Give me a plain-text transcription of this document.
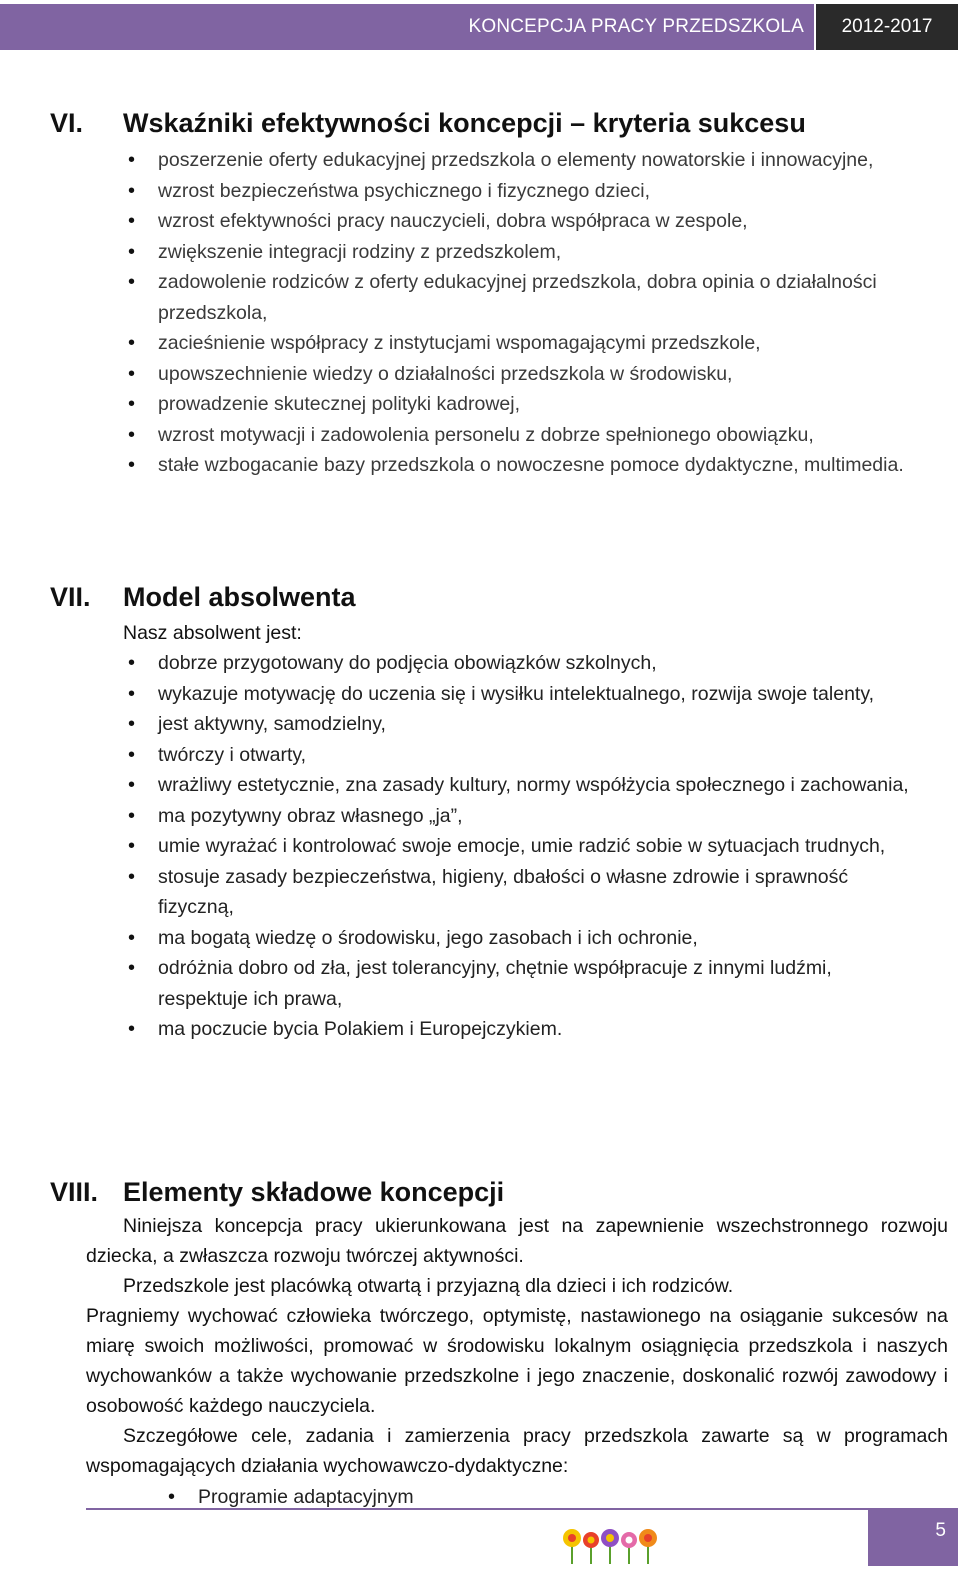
KONCEPCJA PRACY PRZEDSZKOLA	2012-2017
VI. Wskaźniki efektywności koncepcji – kryteria sukcesu
• poszerzenie oferty edukacyjnej przedszkola o elementy nowatorskie i innowacyjne,
• wzrost bezpieczeństwa psychicznego i fizycznego dzieci,
• wzrost efektywności pracy nauczycieli, dobra współpraca w zespole,
• zwiększenie integracji rodziny z przedszkolem,
• zadowolenie rodziców z oferty edukacyjnej przedszkola, dobra opinia o działalności przedszkola,
• zacieśnienie współpracy z instytucjami wspomagającymi przedszkole,
• upowszechnienie wiedzy o działalności przedszkola w środowisku,
• prowadzenie skutecznej polityki kadrowej,
• wzrost motywacji i zadowolenia personelu z dobrze spełnionego obowiązku,
• stałe wzbogacanie bazy przedszkola o nowoczesne pomoce dydaktyczne, multimedia.
VII. Model absolwenta
Nasz absolwent jest:
• dobrze przygotowany do podjęcia obowiązków szkolnych,
• wykazuje motywację do uczenia się i wysiłku intelektualnego, rozwija swoje talenty,
• jest aktywny, samodzielny,
• twórczy i otwarty,
• wrażliwy estetycznie, zna zasady kultury, normy współżycia społecznego i zachowania,
• ma pozytywny obraz własnego „ja”,
• umie wyrażać i kontrolować swoje emocje, umie radzić sobie w sytuacjach trudnych,
• stosuje zasady bezpieczeństwa, higieny, dbałości o własne zdrowie i sprawność fizyczną,
• ma bogatą wiedzę o środowisku, jego zasobach i ich ochronie,
• odróżnia dobro od zła, jest tolerancyjny, chętnie współpracuje z innymi ludźmi, respektuje ich prawa,
• ma poczucie bycia Polakiem i Europejczykiem.
VIII. Elementy składowe koncepcji

Niniejsza koncepcja pracy ukierunkowana jest na zapewnienie wszechstronnego rozwoju dziecka, a zwłaszcza rozwoju twórczej aktywności.

Przedszkole jest placówką otwartą i przyjazną dla dzieci i ich rodziców.

Pragniemy wychować człowieka twórczego, optymistę, nastawionego na osiąganie sukcesów na miarę swoich możliwości, promować w środowisku lokalnym osiągnięcia przedszkola i naszych wychowanków a także wychowanie przedszkolne i jego znaczenie, doskonalić rozwój zawodowy i osobowość każdego nauczyciela.

Szczegółowe cele, zadania i zamierzenia pracy przedszkola zawarte są w programach wspomagających działania wychowawczo-dydaktyczne:

• Programie adaptacyjnym
5
